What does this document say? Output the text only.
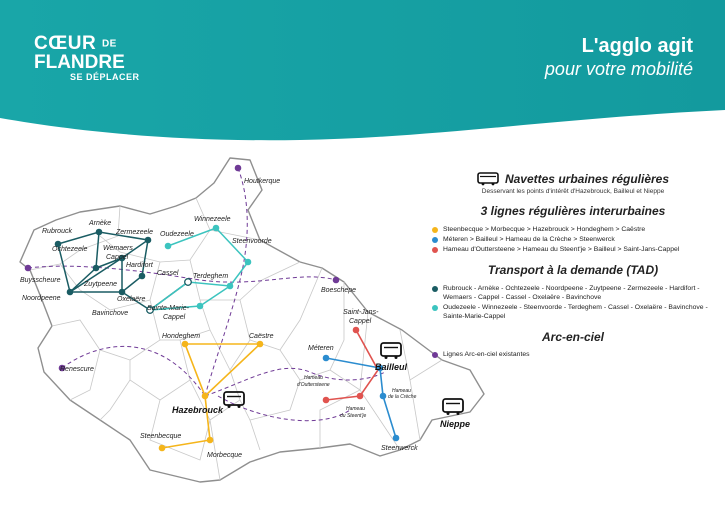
CŒUR DE
FLANDRE
SE DÉPLACER
L'agglo agit
pour votre mobilité
Houtkerque
Winnezeele
Oudezeele
Steenvoorde
Terdeghem
Rubrouck
Arnèke
Zermezeele
Ochtezeele Wemaers
Cappel
Hardifort
Buysscheure
Zuytpeene
Cassel
Noordpeene	Oxelaëre
Bavinchove
Sainte-Marie-
Cappel
Boeschepe
Saint-Jans-
Cappel
Hondeghem	Caëstre
Méteren
Renescure
Steenbecque
Morbecque
Steenwerck
Hameau
d'Outtersteene
Hameau
de la Crèche
Hameau
du Steent'je
Hazebrouck
Bailleul
Nieppe
Navettes urbaines régulières

Desservant les points d'intérêt d'Hazebrouck, Bailleul et Nieppe

3 lignes régulières interurbaines

Steenbecque > Morbecque > Hazebrouck > Hondeghem > Caëstre
Méteren > Bailleul > Hameau de la Crèche > Steenwerck
Hameau d'Outtersteene > Hameau du Steent'je > Bailleul > Saint-Jans-Cappel

Transport à la demande (TAD)

Rubrouck - Arnèke - Ochtezeele - Noordpeene - Zuytpeene - Zermezeele - Hardifort - Wemaers - Cappel - Cassel - Oxelaëre - Bavinchove
Oudezeele - Winnezeele - Steenvoorde - Terdeghem - Cassel - Oxelaëre - Bavinchove - Sainte-Marie-Cappel

Arc-en-ciel

Lignes Arc-en-ciel existantes
